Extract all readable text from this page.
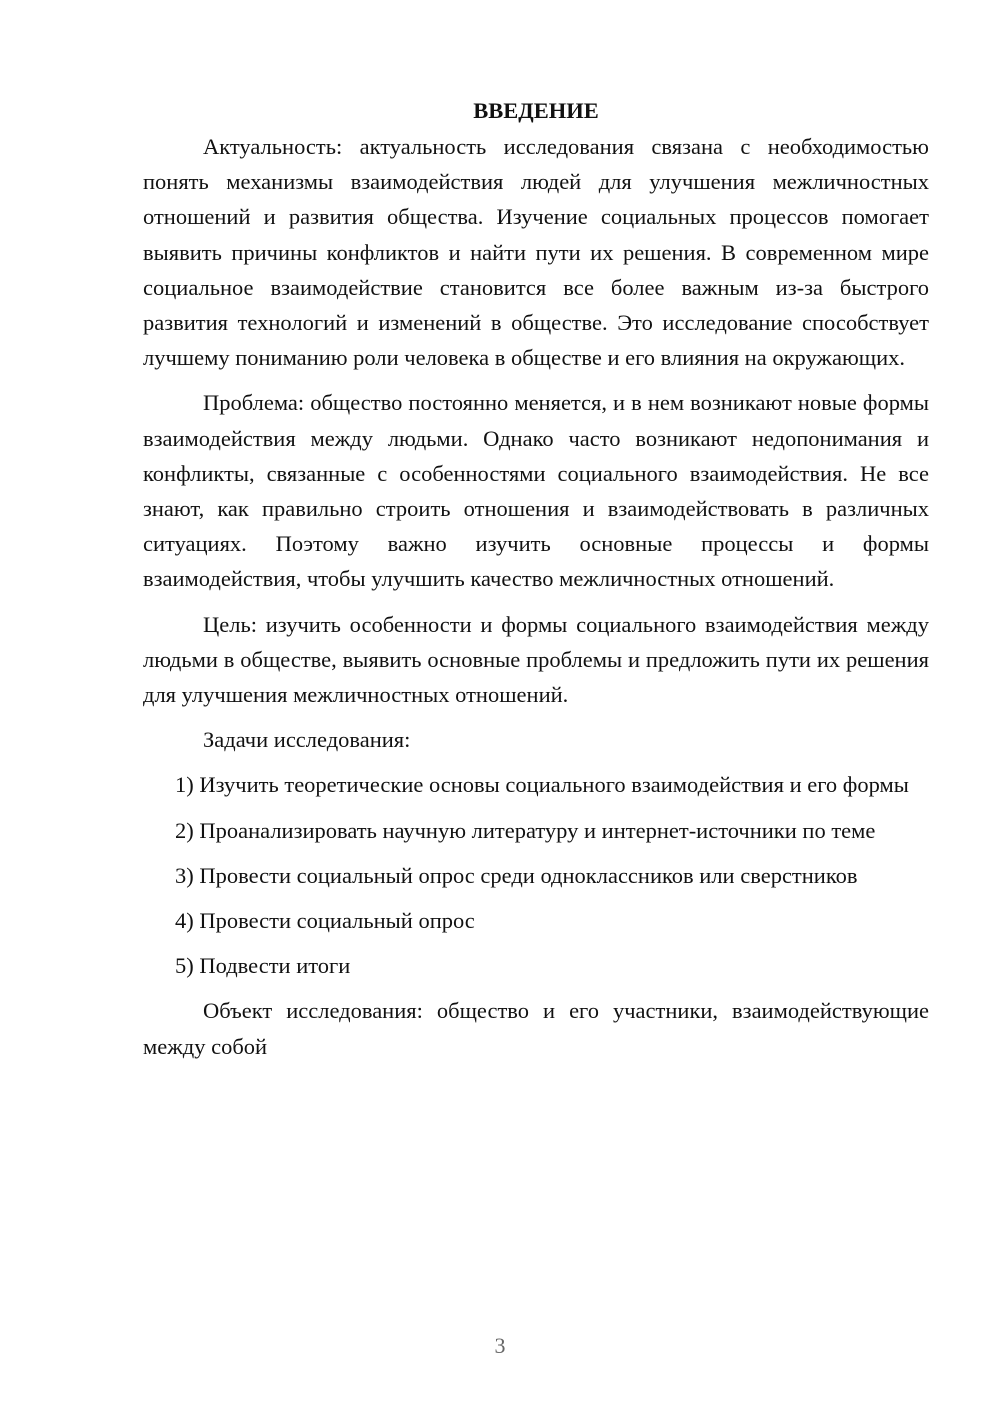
ВВЕДЕНИЕ

Актуальность: актуальность исследования связана с необходимостью понять механизмы взаимодействия людей для улучшения межличностных отношений и развития общества. Изучение социальных процессов помогает выявить причины конфликтов и найти пути их решения. В современном мире социальное взаимодействие становится все более важным из-за быстрого развития технологий и изменений в обществе. Это исследование способствует лучшему пониманию роли человека в обществе и его влияния на окружающих.

Проблема: общество постоянно меняется, и в нем возникают новые формы взаимодействия между людьми. Однако часто возникают недопонимания и конфликты, связанные с особенностями социального взаимодействия. Не все знают, как правильно строить отношения и взаимодействовать в различных ситуациях. Поэтому важно изучить основные процессы и формы взаимодействия, чтобы улучшить качество межличностных отношений.

Цель: изучить особенности и формы социального взаимодействия между людьми в обществе, выявить основные проблемы и предложить пути их решения для улучшения межличностных отношений.

Задачи исследования:

1) Изучить теоретические основы социального взаимодействия и его формы

2) Проанализировать научную литературу и интернет-источники по теме

3) Провести социальный опрос среди одноклассников или сверстников

4) Провести социальный опрос

5) Подвести итоги

Объект исследования: общество и его участники, взаимодействующие между собой

3
